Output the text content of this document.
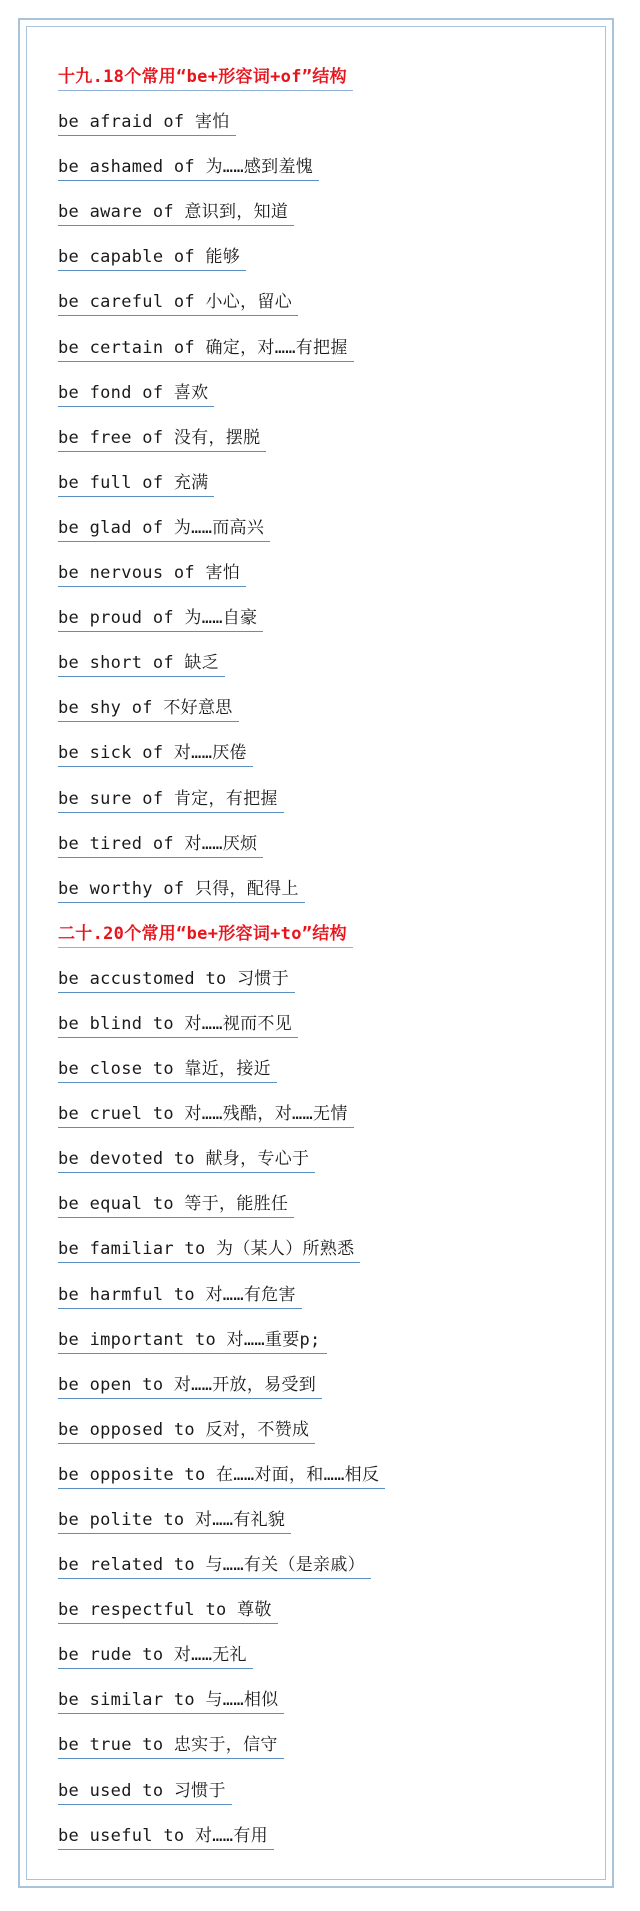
十九.18个常用“be+形容词+of”结构
be afraid of 害怕
be ashamed of 为……感到羞愧
be aware of 意识到，知道
be capable of 能够
be careful of 小心，留心
be certain of 确定，对……有把握
be fond of 喜欢
be free of 没有，摆脱
be full of 充满
be glad of 为……而高兴
be nervous of 害怕
be proud of 为……自豪
be short of 缺乏
be shy of 不好意思
be sick of 对……厌倦
be sure of 肯定，有把握
be tired of 对……厌烦
be worthy of 只得，配得上
二十.20个常用“be+形容词+to”结构
be accustomed to 习惯于
be blind to 对……视而不见
be close to 靠近，接近
be cruel to 对……残酷，对……无情
be devoted to 献身，专心于
be equal to 等于，能胜任
be familiar to 为（某人）所熟悉
be harmful to 对……有危害
be important to 对……重要p;
be open to 对……开放，易受到
be opposed to 反对，不赞成
be opposite to 在……对面，和……相反
be polite to 对……有礼貌
be related to 与……有关（是亲戚）
be respectful to 尊敬
be rude to 对……无礼
be similar to 与……相似
be true to 忠实于，信守
be used to 习惯于
be useful to 对……有用
